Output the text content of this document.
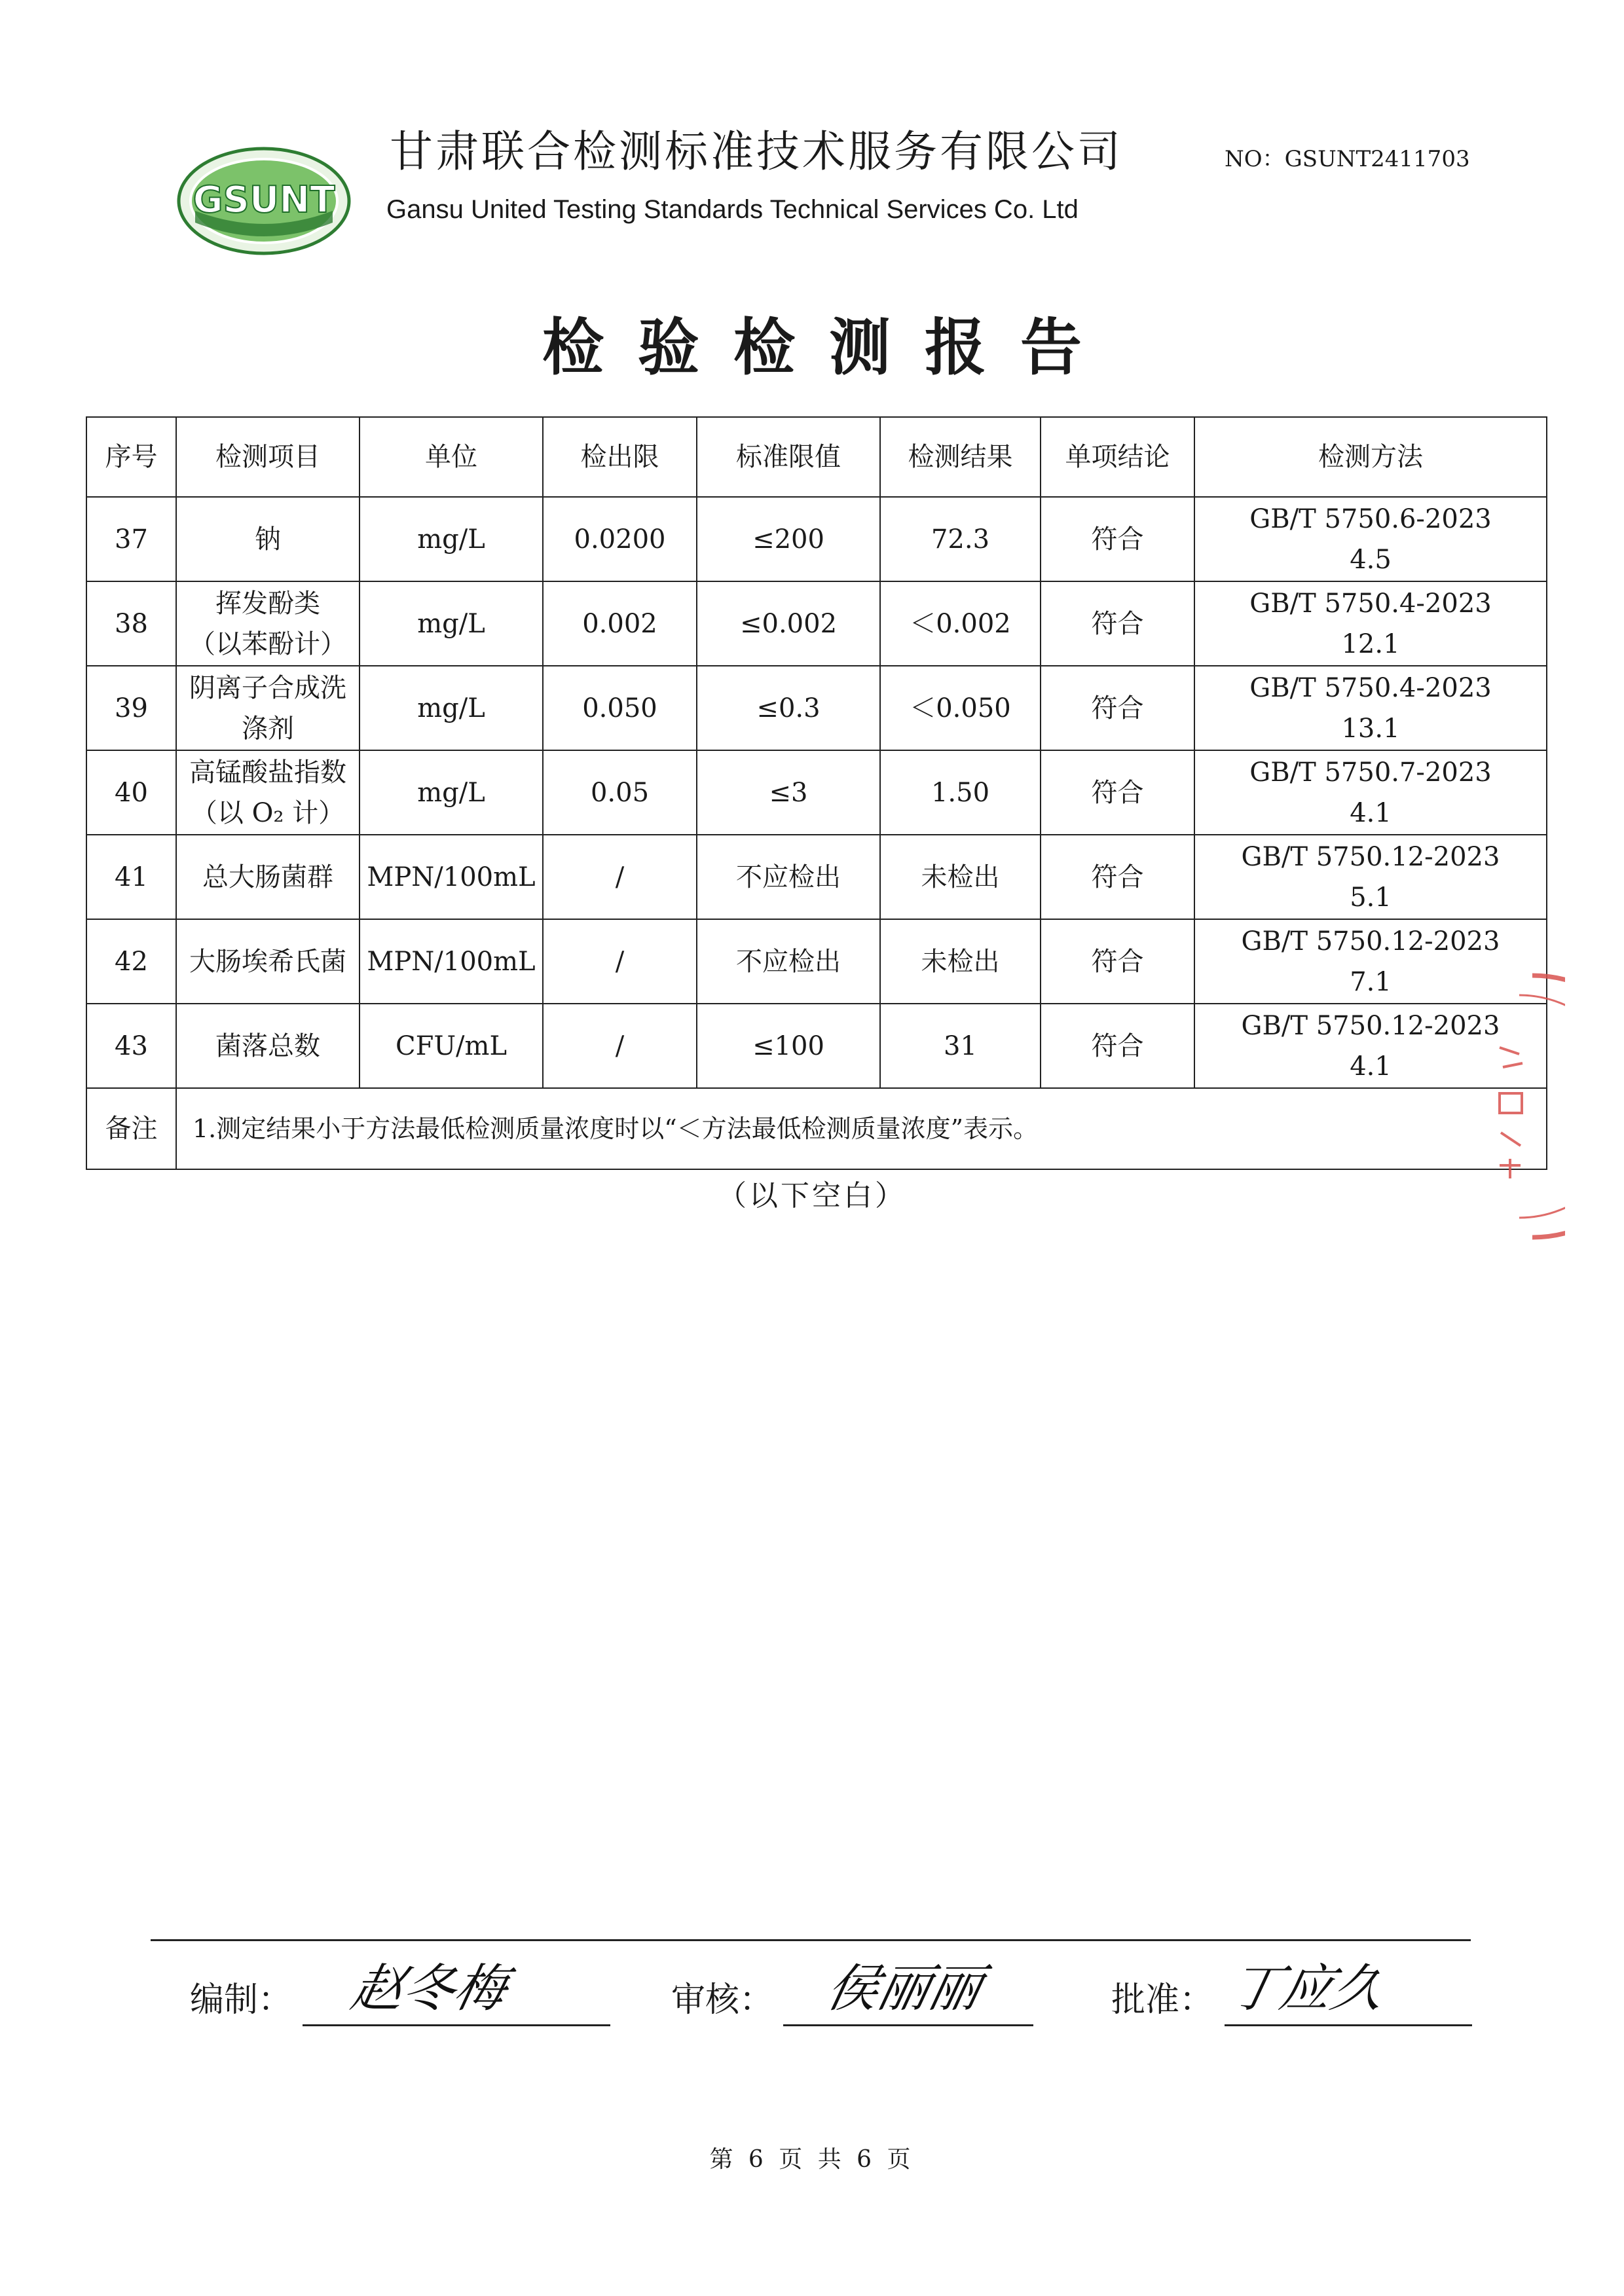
GSUNT
甘肃联合检测标准技术服务有限公司
Gansu United Testing Standards Technical Services Co. Ltd
NO：GSUNT2411703
检验检测报告
序号	检测项目	单位	检出限	标准限值	检测结果	单项结论	检测方法
37	钠	mg/L	0.0200	≤200	72.3	符合	GB/T 5750.6-2023
4.5

38	挥发酚类
（以苯酚计）	mg/L	0.002	≤0.002	＜0.002	符合	GB/T 5750.4-2023
12.1

39	阴离子合成洗涤剂	mg/L	0.050	≤0.3	＜0.050	符合	GB/T 5750.4-2023
13.1

40	高锰酸盐指数
（以 O₂ 计）	mg/L	0.05	≤3	1.50	符合	GB/T 5750.7-2023
4.1

41	总大肠菌群	MPN/100mL	/	不应检出	未检出	符合	GB/T 5750.12-2023
5.1

42	大肠埃希氏菌	MPN/100mL	/	不应检出	未检出	符合	GB/T 5750.12-2023
7.1

43	菌落总数	CFU/mL	/	≤100	31	符合	GB/T 5750.12-2023
4.1

备注	1.测定结果小于方法最低检测质量浓度时以“＜方法最低检测质量浓度”表示。						
（以下空白）
编制： 赵冬梅	审核： 侯丽丽	批准： 丁应久
第 6 页 共 6 页
